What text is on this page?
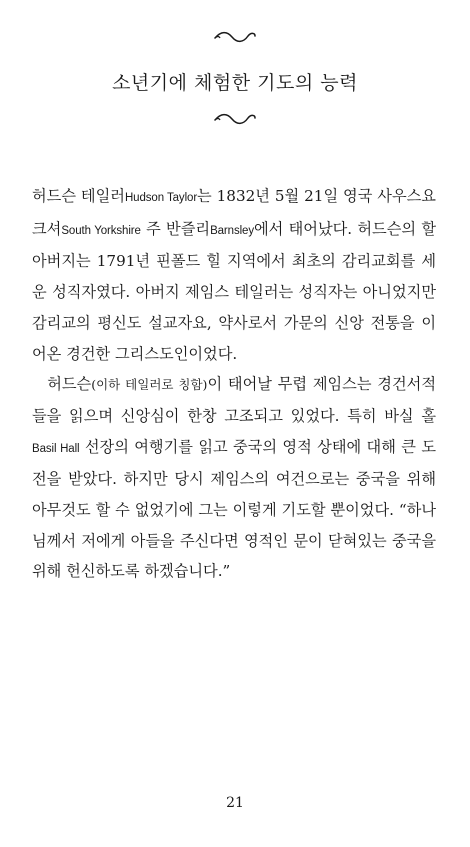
소년기에 체험한 기도의 능력

허드슨 테일러Hudson Taylor는 1832년 5월 21일 영국 사우스요크셔South Yorkshire 주 반즐리Barnsley에서 태어났다. 허드슨의 할아버지는 1791년 핀폴드 힐 지역에서 최초의 감리교회를 세운 성직자였다. 아버지 제임스 테일러는 성직자는 아니었지만 감리교의 평신도 설교자요, 약사로서 가문의 신앙 전통을 이어온 경건한 그리스도인이었다.

허드슨(이하 테일러로 칭함)이 태어날 무렵 제임스는 경건서적들을 읽으며 신앙심이 한창 고조되고 있었다. 특히 바실 홀Basil Hall 선장의 여행기를 읽고 중국의 영적 상태에 대해 큰 도전을 받았다. 하지만 당시 제임스의 여건으로는 중국을 위해 아무것도 할 수 없었기에 그는 이렇게 기도할 뿐이었다. “하나님께서 저에게 아들을 주신다면 영적인 문이 닫혀있는 중국을 위해 헌신하도록 하겠습니다.”

21
